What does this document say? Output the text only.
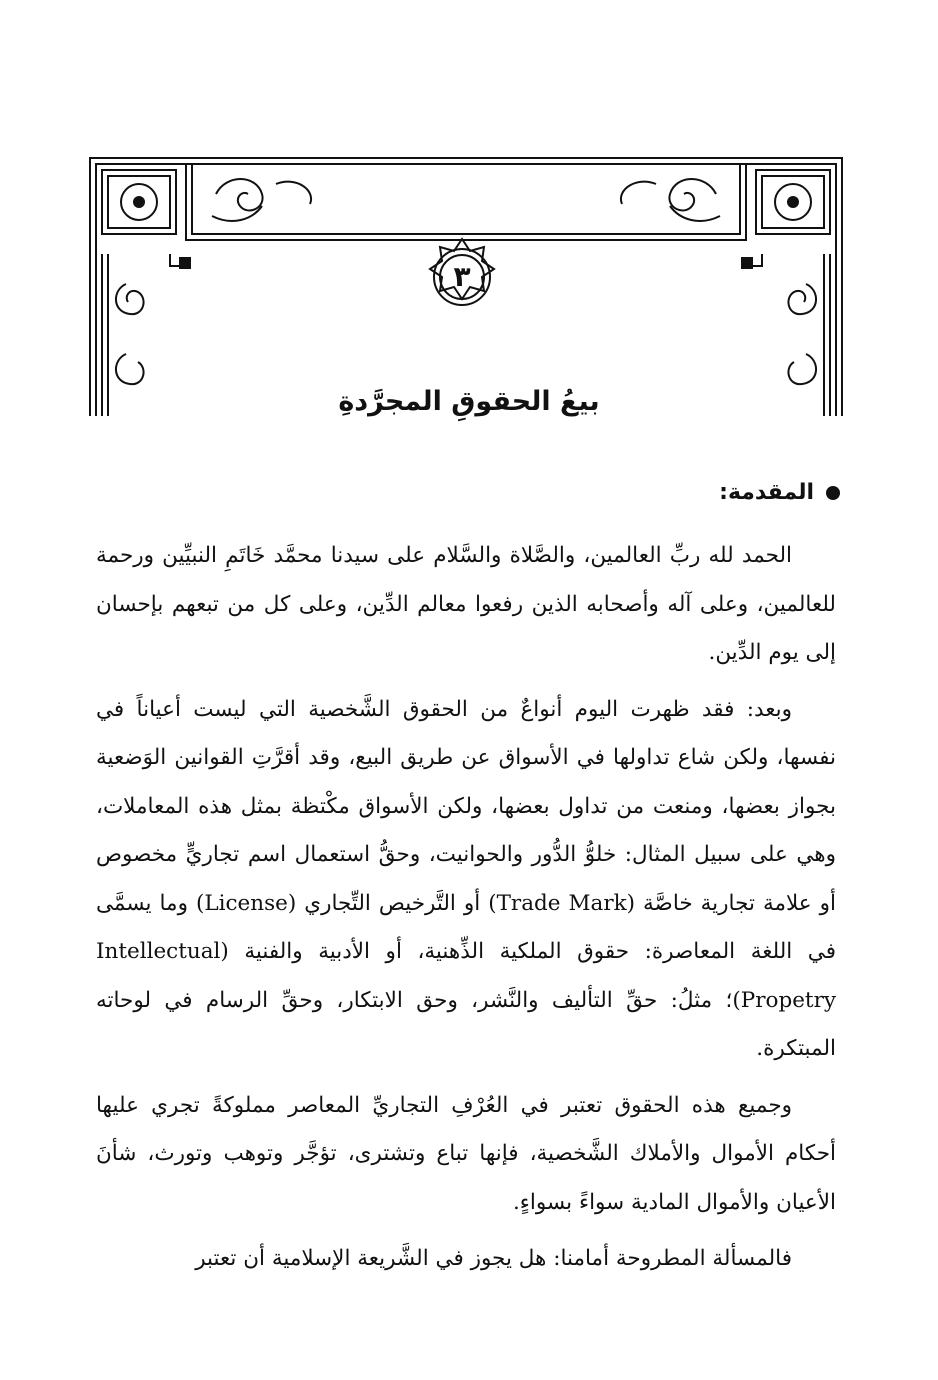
٣
بيعُ الحقوقِ المجرَّدةِ
المقدمة:

الحمد لله ربِّ العالمين، والصَّلاة والسَّلام على سيدنا محمَّد خَاتَمِ النبيِّين ورحمة للعالمين، وعلى آله وأصحابه الذين رفعوا معالم الدِّين، وعلى كل من تبعهم بإحسان إلى يوم الدِّين.

وبعد: فقد ظهرت اليوم أنواعٌ من الحقوق الشَّخصية التي ليست أعياناً في نفسها، ولكن شاع تداولها في الأسواق عن طريق البيع، وقد أقرَّتِ القوانين الوَضعية بجواز بعضها، ومنعت من تداول بعضها، ولكن الأسواق مكْتظة بمثل هذه المعاملات، وهي على سبيل المثال: خلوُّ الدُّور والحوانيت، وحقُّ استعمال اسم تجاريٍّ مخصوص أو علامة تجارية خاصَّة (Trade Mark) أو التَّرخيص التِّجاري (License) وما يسمَّى في اللغة المعاصرة: حقوق الملكية الذِّهنية، أو الأدبية والفنية (Intellectual Propetry)؛ مثلُ: حقِّ التأليف والنَّشر، وحق الابتكار، وحقِّ الرسام في لوحاته المبتكرة.

وجميع هذه الحقوق تعتبر في العُرْفِ التجاريِّ المعاصر مملوكةً تجري عليها أحكام الأموال والأملاك الشَّخصية، فإنها تباع وتشترى، تؤجَّر وتوهب وتورث، شأنَ الأعيان والأموال المادية سواءً بسواءٍ.

فالمسألة المطروحة أمامنا: هل يجوز في الشَّريعة الإسلامية أن تعتبر
